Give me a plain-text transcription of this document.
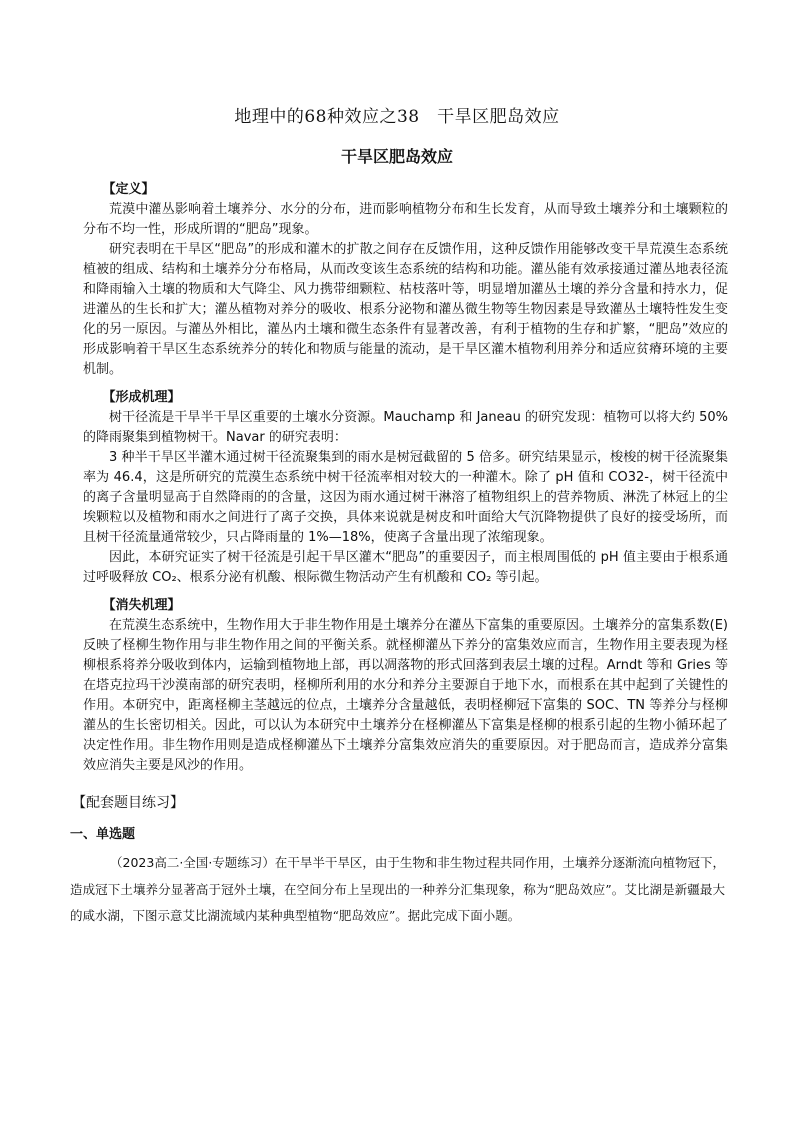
地理中的68种效应之38　干旱区肥岛效应
干旱区肥岛效应

【定义】

荒漠中灌丛影响着土壤养分、水分的分布，进而影响植物分布和生长发育，从而导致土壤养分和土壤颗粒的分布不均一性，形成所谓的“肥岛”现象。

研究表明在干旱区“肥岛”的形成和灌木的扩散之间存在反馈作用，这种反馈作用能够改变干旱荒漠生态系统植被的组成、结构和土壤养分分布格局，从而改变该生态系统的结构和功能。灌丛能有效承接通过灌丛地表径流和降雨输入土壤的物质和大气降尘、风力携带细颗粒、枯枝落叶等，明显增加灌丛土壤的养分含量和持水力，促进灌丛的生长和扩大；灌丛植物对养分的吸收、根系分泌物和灌丛微生物等生物因素是导致灌丛土壤特性发生变化的另一原因。与灌丛外相比，灌丛内土壤和微生态条件有显著改善，有利于植物的生存和扩繁，“肥岛”效应的形成影响着干旱区生态系统养分的转化和物质与能量的流动，是干旱区灌木植物利用养分和适应贫瘠环境的主要机制。

【形成机理】

树干径流是干旱半干旱区重要的土壤水分资源。Mauchamp 和 Janeau 的研究发现：植物可以将大约 50%的降雨聚集到植物树干。Navar 的研究表明：

3 种半干旱区半灌木通过树干径流聚集到的雨水是树冠截留的 5 倍多。研究结果显示，梭梭的树干径流聚集率为 46.4，这是所研究的荒漠生态系统中树干径流率相对较大的一种灌木。除了 pH 值和 CO32-，树干径流中的离子含量明显高于自然降雨的的含量，这因为雨水通过树干淋溶了植物组织上的营养物质、淋洗了林冠上的尘埃颗粒以及植物和雨水之间进行了离子交换，具体来说就是树皮和叶面给大气沉降物提供了良好的接受场所，而且树干径流量通常较少，只占降雨量的 1%—18%，使离子含量出现了浓缩现象。

因此，本研究证实了树干径流是引起干旱区灌木“肥岛”的重要因子，而主根周围低的 pH 值主要由于根系通过呼吸释放 CO₂、根系分泌有机酸、根际微生物活动产生有机酸和 CO₂ 等引起。

【消失机理】

在荒漠生态系统中，生物作用大于非生物作用是土壤养分在灌丛下富集的重要原因。土壤养分的富集系数(E)反映了柽柳生物作用与非生物作用之间的平衡关系。就柽柳灌丛下养分的富集效应而言，生物作用主要表现为柽柳根系将养分吸收到体内，运输到植物地上部，再以凋落物的形式回落到表层土壤的过程。Arndt 等和 Gries 等在塔克拉玛干沙漠南部的研究表明，柽柳所利用的水分和养分主要源自于地下水，而根系在其中起到了关键性的作用。本研究中，距离柽柳主茎越远的位点，土壤养分含量越低，表明柽柳冠下富集的 SOC、TN 等养分与柽柳灌丛的生长密切相关。因此，可以认为本研究中土壤养分在柽柳灌丛下富集是柽柳的根系引起的生物小循环起了决定性作用。非生物作用则是造成柽柳灌丛下土壤养分富集效应消失的重要原因。对于肥岛而言，造成养分富集效应消失主要是风沙的作用。

【配套题目练习】
一、单选题
（2023高二·全国·专题练习）在干旱半干旱区，由于生物和非生物过程共同作用，土壤养分逐渐流向植物冠下，造成冠下土壤养分显著高于冠外土壤，在空间分布上呈现出的一种养分汇集现象，称为“肥岛效应”。艾比湖是新疆最大的咸水湖，下图示意艾比湖流域内某种典型植物“肥岛效应”。据此完成下面小题。
